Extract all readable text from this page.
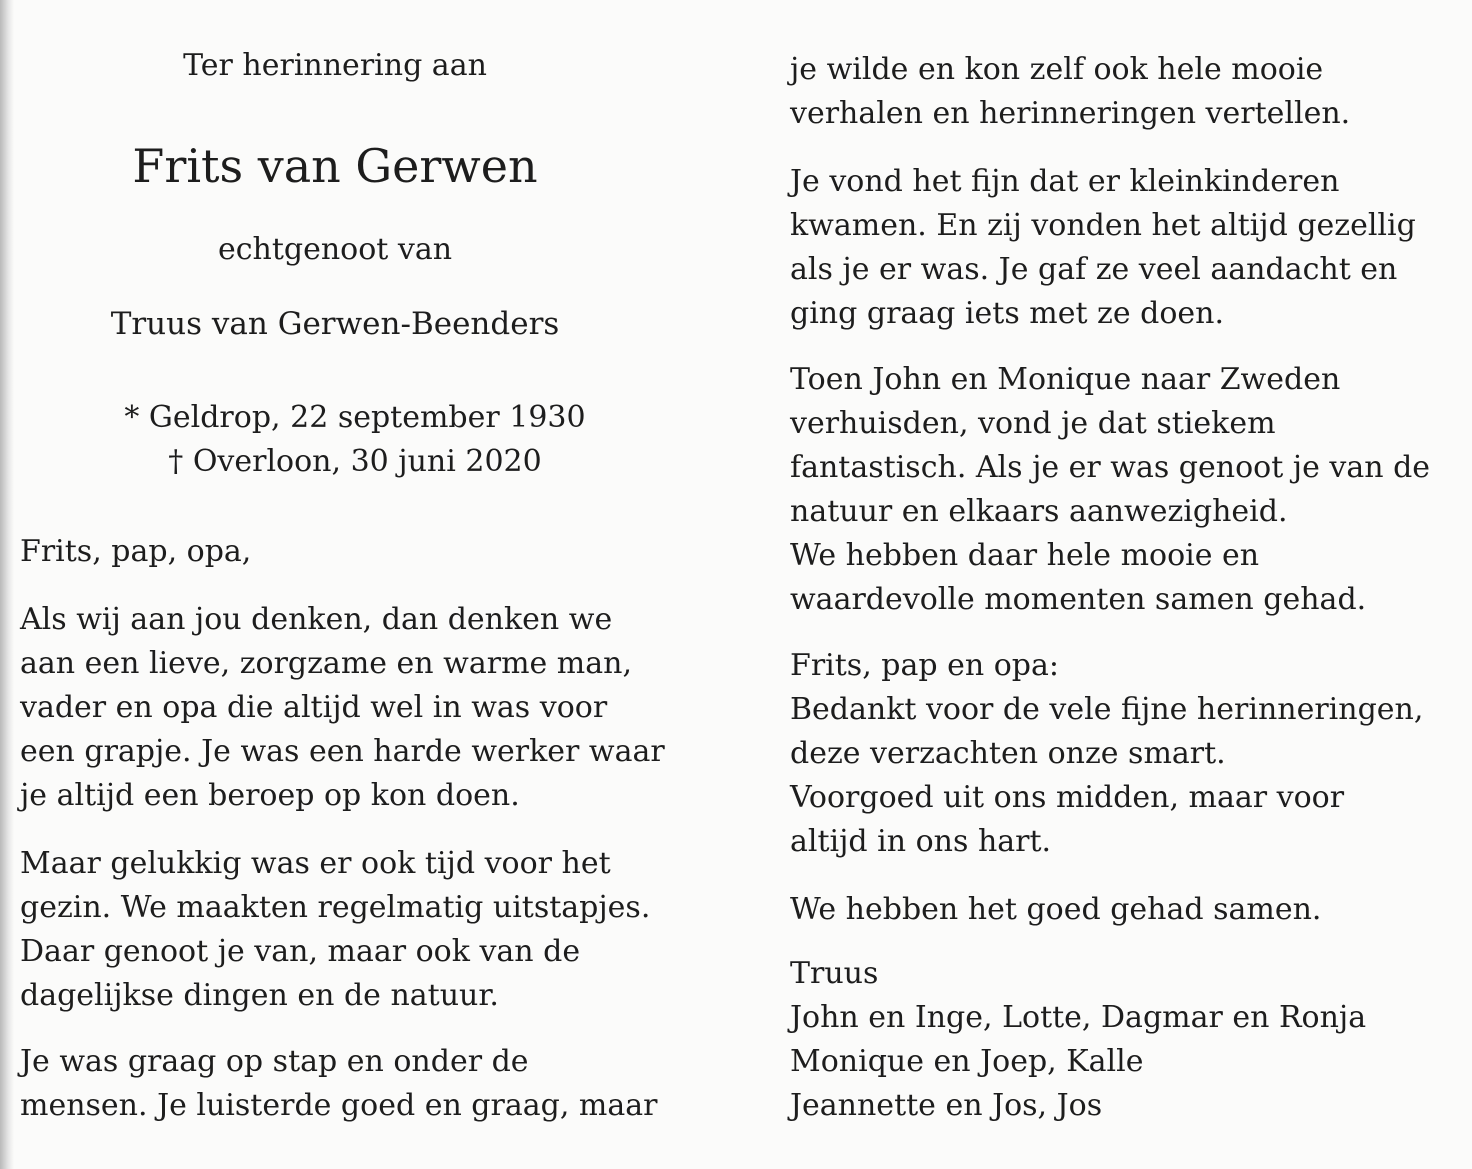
Ter herinnering aan
Frits van Gerwen
echtgenoot van
Truus van Gerwen-Beenders
* Geldrop, 22 september 1930
† Overloon, 30 juni 2020
Frits, pap, opa,
Als wij aan jou denken, dan denken we
aan een lieve, zorgzame en warme man,
vader en opa die altijd wel in was voor
een grapje. Je was een harde werker waar
je altijd een beroep op kon doen.
Maar gelukkig was er ook tijd voor het
gezin. We maakten regelmatig uitstapjes.
Daar genoot je van, maar ook van de
dagelijkse dingen en de natuur.
Je was graag op stap en onder de
mensen. Je luisterde goed en graag, maar
je wilde en kon zelf ook hele mooie
verhalen en herinneringen vertellen.
Je vond het fijn dat er kleinkinderen
kwamen. En zij vonden het altijd gezellig
als je er was. Je gaf ze veel aandacht en
ging graag iets met ze doen.
Toen John en Monique naar Zweden
verhuisden, vond je dat stiekem
fantastisch. Als je er was genoot je van de
natuur en elkaars aanwezigheid.
We hebben daar hele mooie en
waardevolle momenten samen gehad.
Frits, pap en opa:
Bedankt voor de vele fijne herinneringen,
deze verzachten onze smart.
Voorgoed uit ons midden, maar voor
altijd in ons hart.
We hebben het goed gehad samen.
Truus
John en Inge, Lotte, Dagmar en Ronja
Monique en Joep, Kalle
Jeannette en Jos, Jos
